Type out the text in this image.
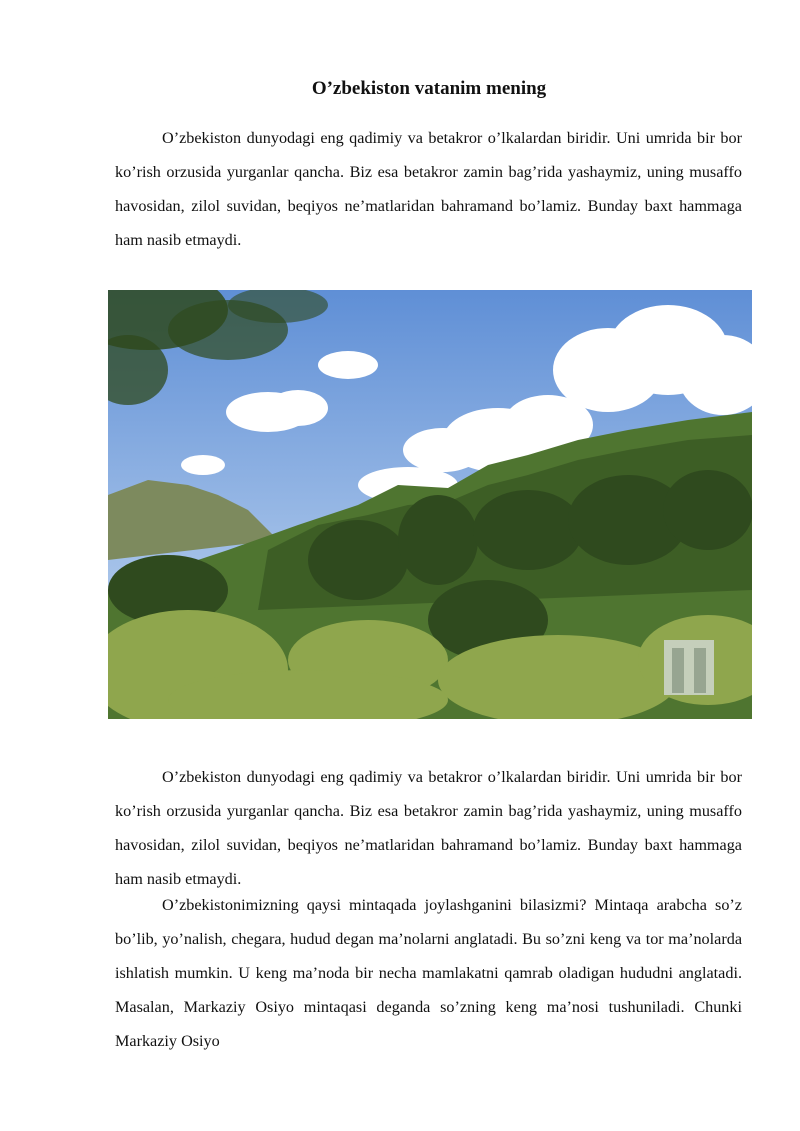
O’zbekiston vatanim mening

O’zbekiston dunyodagi eng qadimiy va betakror o’lkalardan biridir. Uni umrida bir bor ko’rish orzusida yurganlar qancha. Biz esa betakror zamin bag’rida yashaymiz, uning musaffo havosidan, zilol suvidan, beqiyos ne’matlaridan bahramand bo’lamiz. Bunday baxt hammaga ham nasib etmaydi.

O’zbekiston dunyodagi eng qadimiy va betakror o’lkalardan biridir. Uni umrida bir bor ko’rish orzusida yurganlar qancha. Biz esa betakror zamin bag’rida yashaymiz, uning musaffo havosidan, zilol suvidan, beqiyos ne’matlaridan bahramand bo’lamiz. Bunday baxt hammaga ham nasib etmaydi.

O’zbekistonimizning qaysi mintaqada joylashganini bilasizmi? Mintaqa arabcha so’z bo’lib, yo’nalish, chegara, hudud degan ma’nolarni anglatadi. Bu so’zni keng va tor ma’nolarda ishlatish mumkin. U keng ma’noda bir necha mamlakatni qamrab oladigan hududni anglatadi. Masalan, Markaziy Osiyo mintaqasi deganda so’zning keng ma’nosi tushuniladi. Chunki Markaziy Osiyo
